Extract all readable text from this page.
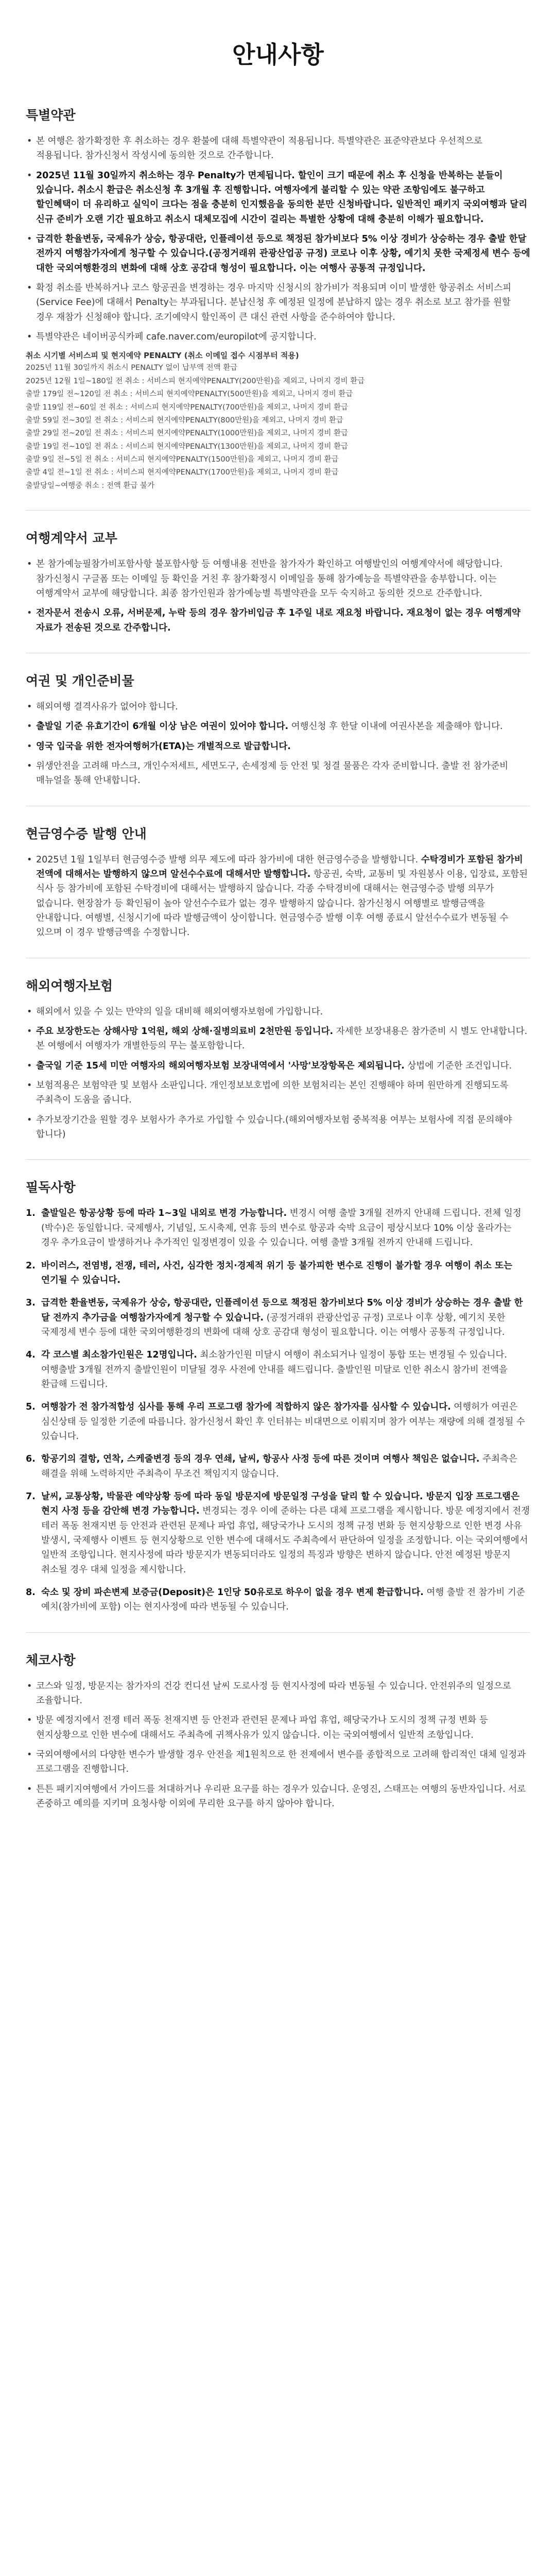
안내사항
특별약관
• 본 여행은 참가확정한 후 취소하는 경우 환불에 대해 특별약관이 적용됩니다. 특별약관은 표준약관보다 우선적으로 적용됩니다. 참가신청서 작성시에 동의한 것으로 간주합니다.
• 2025년 11월 30일까지 취소하는 경우 Penalty가 면제됩니다. 할인이 크기 때문에 취소 후 신청을 반복하는 분들이 있습니다. 취소시 환급은 취소신청 후 3개월 후 진행합니다. 여행자에게 불리할 수 있는 약관 조항임에도 불구하고 할인혜택이 더 유리하고 실익이 크다는 점을 충분히 인지했음을 동의한 분만 신청바랍니다. 일반적인 패키지 국외여행과 달리 신규 준비가 오랜 기간 필요하고 취소시 대체모집에 시간이 걸리는 특별한 상황에 대해 충분히 이해가 필요합니다.
• 급격한 환율변동, 국제유가 상승, 항공대란, 인플레이션 등으로 책정된 참가비보다 5% 이상 경비가 상승하는 경우 출발 한달 전까지 여행참가자에게 청구할 수 있습니다.(공정거래위 관광산업공 규정) 코로나 이후 상황, 예기치 못한 국제정세 변수 등에 대한 국외여행환경의 변화에 대해 상호 공감대 형성이 필요합니다. 이는 여행사 공통적 규정입니다.
• 확정 취소를 반복하거나 코스 항공권을 변경하는 경우 마지막 신청시의 참가비가 적용되며 이미 발생한 항공취소 서비스피(Service Fee)에 대해서 Penalty는 부과됩니다. 분납신청 후 예정된 일정에 분납하지 않는 경우 취소로 보고 참가를 원할 경우 재참가 신청해야 합니다. 조기예약시 할인폭이 큰 대신 관련 사항을 준수하여야 합니다.
• 특별약관은 네이버공식카페 cafe.naver.com/europilot에 공지합니다.
취소 시기별 서비스피 및 현지예약 PENALTY (취소 이메일 접수 시점부터 적용)
2025년 11월 30일까지 취소시 PENALTY 없이 납부액 전액 환급
2025년 12월 1일~180일 전 취소 : 서비스피 현지예약PENALTY(200만원)을 제외고, 나머지 경비 환급
출발 179일 전~120일 전 취소 : 서비스피 현지예약PENALTY(500만원)을 제외고, 나머지 경비 환급
출발 119일 전~60일 전 취소 : 서비스피 현지예약PENALTY(700만원)을 제외고, 나머지 경비 환급
출발 59일 전~30일 전 취소 : 서비스피 현지예약PENALTY(800만원)을 제외고, 나머지 경비 환급
출발 29일 전~20일 전 취소 : 서비스피 현지예약PENALTY(1000만원)을 제외고, 나머지 경비 환급
출발 19일 전~10일 전 취소 : 서비스피 현지예약PENALTY(1300만원)을 제외고, 나머지 경비 환급
출발 9일 전~5일 전 취소 : 서비스피 현지예약PENALTY(1500만원)을 제외고, 나머지 경비 환급
출발 4일 전~1일 전 취소 : 서비스피 현지예약PENALTY(1700만원)을 제외고, 나머지 경비 환급
출발당일~여행중 취소 : 전액 환급 불가
여행계약서 교부
• 본 참가예능필참가비포함사항 불포함사항 등 여행내용 전반을 참가자가 확인하고 여행발인의 여행계약서에 해당합니다. 참가신청시 구글폼 또는 이메일 등 확인을 거친 후 참가확정시 이메일을 통해 참가예능을 특별약관을 송부합니다. 이는 여행계약서 교부에 해당합니다. 최종 참가인원과 참가예능별 특별약관을 모두 숙지하고 동의한 것으로 간주합니다.
• 전자문서 전송시 오류, 서버문제, 누락 등의 경우 참가비입금 후 1주일 내로 재요청 바랍니다. 재요청이 없는 경우 여행계약 자료가 전송된 것으로 간주합니다.
여권 및 개인준비물
• 해외여행 결격사유가 없어야 합니다.
• 출발일 기준 유효기간이 6개월 이상 남은 여권이 있어야 합니다. 여행신청 후 한달 이내에 여권사본을 제출해야 합니다.
• 영국 입국을 위한 전자여행허가(ETA)는 개별적으로 발급합니다.
• 위생안전을 고려해 마스크, 개인수저세트, 세면도구, 손세정제 등 안전 및 청결 물품은 각자 준비합니다. 출발 전 참가준비 매뉴얼을 통해 안내합니다.
현금영수증 발행 안내
• 2025년 1월 1일부터 현금영수증 발행 의무 제도에 따라 참가비에 대한 현금영수증을 발행합니다. 수탁경비가 포함된 참가비 전액에 대해서는 발행하지 않으며 알선수수료에 대해서만 발행합니다. 항공권, 숙박, 교통비 및 자원봉사 이용, 입장료, 포함된 식사 등 참가비에 포함된 수탁경비에 대해서는 발행하지 않습니다. 각종 수탁경비에 대해서는 현금영수증 발행 의무가 없습니다. 현장참가 등 확인됨이 높아 알선수수료가 없는 경우 발행하지 않습니다. 참가신청시 여행별로 발행금액을 안내합니다. 여행별, 신청시기에 따라 발행금액이 상이합니다. 현금영수증 발행 이후 여행 종료시 알선수수료가 변동될 수 있으며 이 경우 발행금액을 수정합니다.
해외여행자보험
• 해외에서 있을 수 있는 만약의 일을 대비해 해외여행자보험에 가입합니다.
• 주요 보장한도는 상해사망 1억원, 해외 상해·질병의료비 2천만원 등입니다. 자세한 보장내용은 참가준비 시 별도 안내합니다. 본 여행에서 여행자가 개별한등의 무는 불포함합니다.
• 출국일 기준 15세 미만 여행자의 해외여행자보험 보장내역에서 '사망'보장항목은 제외됩니다. 상법에 기준한 조건입니다.
• 보험적용은 보험약관 및 보험사 소판입니다. 개인정보보호법에 의한 보험처리는 본인 진행해야 하며 원만하게 진행되도록 주최측이 도움을 줍니다.
• 추가보장기간을 원할 경우 보험사가 추가로 가입할 수 있습니다.(해외여행자보험 중복적용 여부는 보험사에 직접 문의해야 합니다)
필독사항
1. 출발일은 항공상황 등에 따라 1~3일 내외로 변경 가능합니다. 변경시 여행 출발 3개월 전까지 안내해 드립니다. 전체 일정(박수)은 동일합니다. 국제행사, 기념일, 도시축제, 연휴 등의 변수로 항공과 숙박 요금이 평상시보다 10% 이상 올라가는 경우 추가요금이 발생하거나 추가적인 일정변경이 있을 수 있습니다. 여행 출발 3개월 전까지 안내해 드립니다.
2. 바이러스, 전염병, 전쟁, 테러, 사건, 심각한 정치·경제적 위기 등 불가피한 변수로 진행이 불가할 경우 여행이 취소 또는 연기될 수 있습니다.
3. 급격한 환율변동, 국제유가 상승, 항공대란, 인플레이션 등으로 책정된 참가비보다 5% 이상 경비가 상승하는 경우 출발 한 달 전까지 추가금을 여행참가자에게 청구할 수 있습니다. (공정거래위 관광산업공 규정) 코로나 이후 상황, 예기치 못한 국제정세 변수 등에 대한 국외여행환경의 변화에 대해 상호 공감대 형성이 필요합니다. 이는 여행사 공통적 규정입니다.
4. 각 코스별 최소참가인원은 12명입니다. 최소참가인원 미달시 여행이 취소되거나 일정이 통합 또는 변경될 수 있습니다. 여행출발 3개월 전까지 출발인원이 미달될 경우 사전에 안내를 해드립니다. 출발인원 미달로 인한 취소시 참가비 전액을 환급해 드립니다.
5. 여행참가 전 참가적합성 심사를 통해 우리 프로그램 참가에 적합하지 않은 참가자를 심사할 수 있습니다. 여행허가 여권은 심신상태 등 일정한 기준에 따릅니다. 참가신청서 확인 후 인터뷰는 비대면으로 이뤄지며 참가 여부는 재량에 의해 결정될 수 있습니다.
6. 항공기의 결항, 연착, 스케줄변경 등의 경우 연쇄, 날씨, 항공사 사정 등에 따른 것이며 여행사 책임은 없습니다. 주최측은 해결을 위해 노력하지만 주최측이 무조건 책임지지 않습니다.
7. 날씨, 교통상황, 박물관 예약상황 등에 따라 동일 방문지에 방문일정 구성을 달리 할 수 있습니다. 방문지 입장 프로그램은 현지 사정 등을 감안해 변경 가능합니다. 변경되는 경우 이에 준하는 다른 대체 프로그램을 제시합니다. 방문 예정지에서 전쟁 테러 폭동 천재지변 등 안전과 관련된 문제나 파업 휴업, 해당국가나 도시의 정책 규정 변화 등 현지상황으로 인한 변경 사유 발생시, 국제행사 이벤트 등 현지상황으로 인한 변수에 대해서도 주최측에서 판단하여 일정을 조정합니다. 이는 국외여행에서 일반적 조항입니다. 현지사정에 따라 방문지가 변동되더라도 일정의 특징과 방향은 변하지 않습니다. 안전 예정된 방문지 취소될 경우 대체 일정을 제시합니다.
8. 숙소 및 장비 파손변제 보증금(Deposit)은 1인당 50유로로 하우이 없을 경우 변제 환급합니다. 여행 출발 전 참가비 기준 예치(참가비에 포함) 이는 현지사정에 따라 변동될 수 있습니다.
체코사항
• 코스와 일정, 방문지는 참가자의 건강 컨디션 날씨 도로사정 등 현지사정에 따라 변동될 수 있습니다. 안전위주의 일정으로 조율합니다.
• 방문 예정지에서 전쟁 테러 폭동 천재지변 등 안전과 관련된 문제나 파업 휴업, 해당국가나 도시의 정책 규정 변화 등 현지상황으로 인한 변수에 대해서도 주최측에 귀책사유가 있지 않습니다. 이는 국외여행에서 일반적 조항입니다.
• 국외여행에서의 다양한 변수가 발생할 경우 안전을 제1원칙으로 한 전제에서 변수를 종합적으로 고려해 합리적인 대체 일정과 프로그램을 진행합니다.
• 튼튼 패키지여행에서 가이드를 쳐대하거나 우리판 요구를 하는 경우가 있습니다. 운영진, 스태프는 여행의 동반자입니다. 서로 존중하고 예의를 지키며 요청사항 이외에 무리한 요구를 하지 않아야 합니다.
